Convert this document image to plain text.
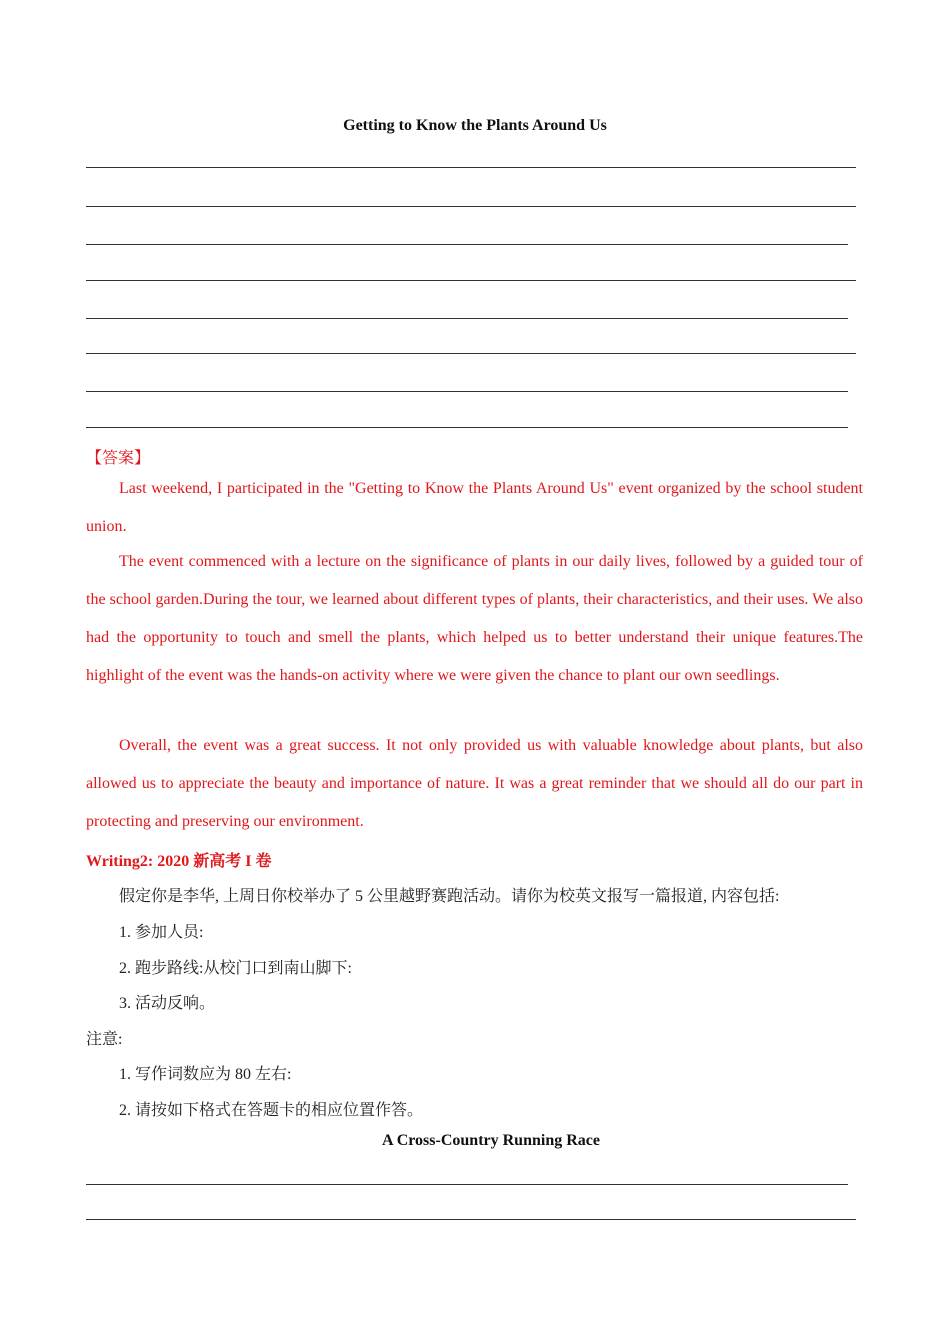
Getting to Know the Plants Around Us
【答案】

Last weekend, I participated in the "Getting to Know the Plants Around Us" event organized by the school student union.

The event commenced with a lecture on the significance of plants in our daily lives, followed by a guided tour of the school garden.During the tour, we learned about different types of plants, their characteristics, and their uses. We also had the opportunity to touch and smell the plants, which helped us to better understand their unique features.The highlight of the event was the hands-on activity where we were given the chance to plant our own seedlings.

Overall, the event was a great success. It not only provided us with valuable knowledge about plants, but also allowed us to appreciate the beauty and importance of nature. It was a great reminder that we should all do our part in protecting and preserving our environment.

Writing2: 2020 新高考 I 卷
假定你是李华, 上周日你校举办了 5 公里越野赛跑活动。请你为校英文报写一篇报道, 内容包括:
1. 参加人员:
2. 跑步路线:从校门口到南山脚下:
3. 活动反响。
注意:
1. 写作词数应为 80 左右:
2. 请按如下格式在答题卡的相应位置作答。
A Cross-Country Running Race
